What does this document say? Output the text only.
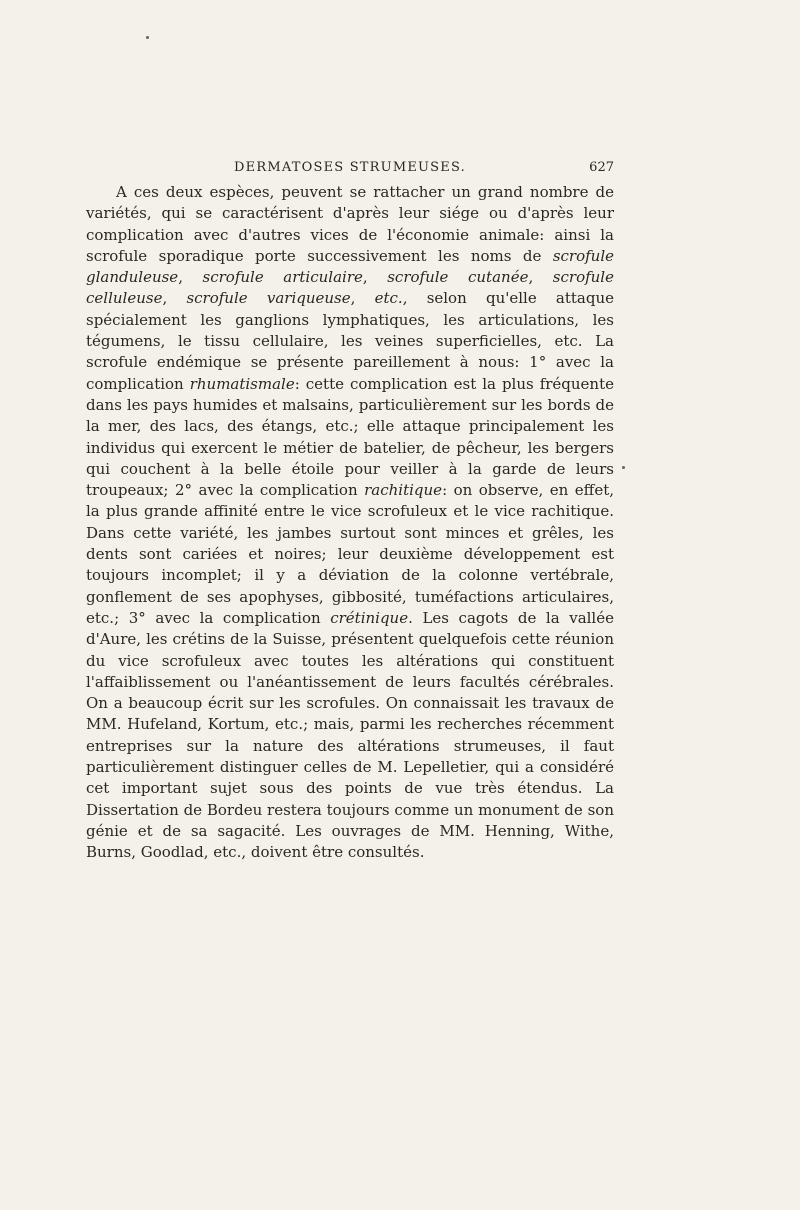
DERMATOSES STRUMEUSES.	627

A ces deux espèces, peuvent se rattacher un grand nombre de variétés, qui se caractérisent d'après leur siége ou d'après leur complication avec d'autres vices de l'économie animale: ainsi la scrofule sporadique porte successivement les noms de scrofule glanduleuse, scrofule articulaire, scrofule cutanée, scrofule celluleuse, scrofule variqueuse, etc., selon qu'elle attaque spécialement les ganglions lymphatiques, les articulations, les tégumens, le tissu cellulaire, les veines superficielles, etc. La scrofule endémique se présente pareillement à nous: 1° avec la complication rhumatismale: cette complication est la plus fréquente dans les pays humides et malsains, particulièrement sur les bords de la mer, des lacs, des étangs, etc.; elle attaque principalement les individus qui exercent le métier de batelier, de pêcheur, les bergers qui couchent à la belle étoile pour veiller à la garde de leurs troupeaux; 2° avec la complication rachitique: on observe, en effet, la plus grande affinité entre le vice scrofuleux et le vice rachitique. Dans cette variété, les jambes surtout sont minces et grêles, les dents sont cariées et noires; leur deuxième développement est toujours incomplet; il y a déviation de la colonne vertébrale, gonflement de ses apophyses, gibbosité, tuméfactions articulaires, etc.; 3° avec la complication crétinique. Les cagots de la vallée d'Aure, les crétins de la Suisse, présentent quelquefois cette réunion du vice scrofuleux avec toutes les altérations qui constituent l'affaiblissement ou l'anéantissement de leurs facultés cérébrales. On a beaucoup écrit sur les scrofules. On connaissait les travaux de MM. Hufeland, Kortum, etc.; mais, parmi les recherches récemment entreprises sur la nature des altérations strumeuses, il faut particulièrement distinguer celles de M. Lepelletier, qui a considéré cet important sujet sous des points de vue très étendus. La Dissertation de Bordeu restera toujours comme un monument de son génie et de sa sagacité. Les ouvrages de MM. Henning, Withe, Burns, Goodlad, etc., doivent être consultés.
